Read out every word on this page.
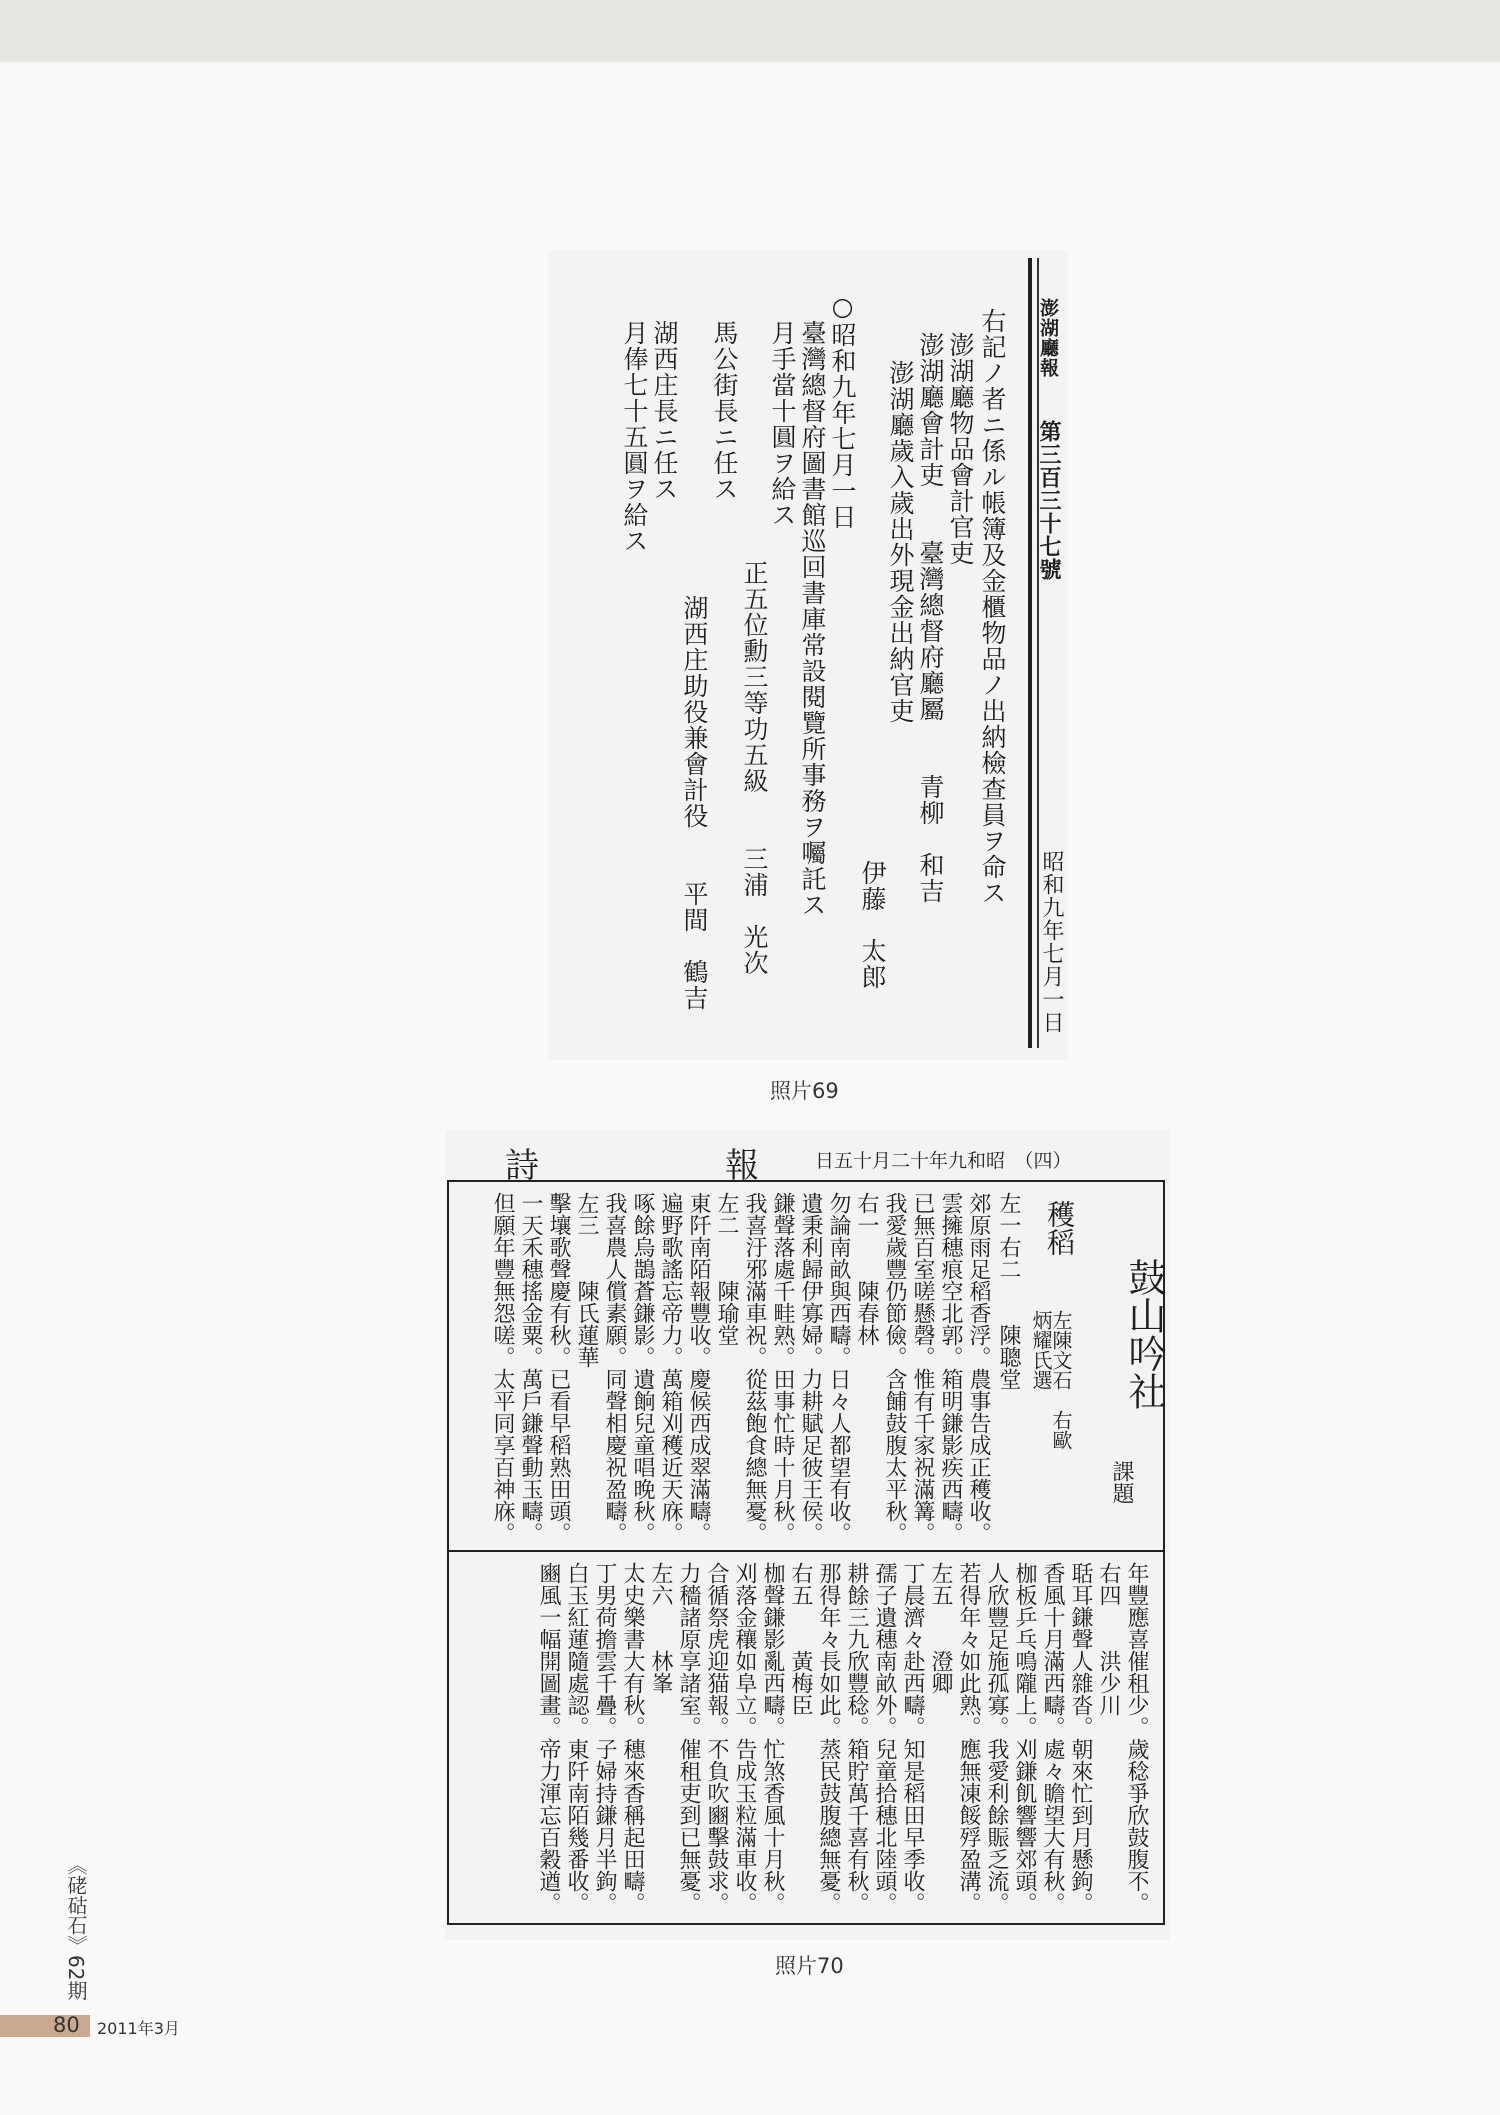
澎湖廳報
第三百三十七號
昭和九年七月一日
右記ノ者ニ係ル帳簿及金櫃物品ノ出納檢查員ヲ命ス
澎湖廳物品會計官吏
澎湖廳會計吏　　臺灣總督府廳屬　　青柳　和吉
澎湖廳歲入歲出外現金出納官吏
伊藤　太郎
○昭和九年七月一日
臺灣總督府圖書館巡回書庫常設閱覽所事務ヲ囑託ス
月手當十圓ヲ給ス
正五位勳三等功五級　　三浦　光次
馬公街長ニ任ス
湖西庄助役兼會計役　　平間　鶴吉
湖西庄長ニ任ス
月俸七十五圓ヲ給ス
照片69
詩　　　　報 日五十月二十年九和昭　（四）
鼓山吟社
課題
穫稻
左陳文石　右歐炳耀氏選
左一右二　　陳聰堂
郊原雨足稻香浮。農事告成正穫收。
雲擁穗痕空北郭。箱明鎌影疾西疇。
已無百室嗟懸磬。惟有千家祝滿篝。
我愛歲豐仍節儉。含餔鼓腹太平秋。
右一　　陳春林
勿論南畝與西疇。日々人都望有收。
遺秉利歸伊寡婦。力耕賦足彼王侯。
鎌聲落處千畦熟。田事忙時十月秋。
我喜汙邪滿車祝。從茲飽食總無憂。
左二　　陳瑜堂
東阡南陌報豐收。慶候西成翠滿疇。
遍野歌謠忘帝力。萬箱刈穫近天庥。
啄餘烏鵲蒼鎌影。遺餉兒童唱晚秋。
我喜農人償素願。同聲相慶祝盈疇。
左三　　陳氏蓮華
擊壤歌聲慶有秋。已看早稻熟田頭。
一天禾穗搖金粟。萬戶鎌聲動玉疇。
但願年豐無怨嗟。太平同享百神庥。
右四　　洪少川 年豐應喜催租少。歲稔爭欣鼓腹不。
聒耳鎌聲人雜沓。朝來忙到月懸鉤。
香風十月滿西疇。處々瞻望大有秋。
枷板乒乓鳴隴上。刈鎌飢響響郊頭。
人欣豐足施孤寡。我愛利餘賑乏流。
若得年々如此熟。應無凍餒殍盈溝。
左五　　澄卿
丁晨濟々赴西疇。知是稻田早季收。
孺子遺穗南畝外。兒童拾穗北陸頭。
耕餘三九欣豐稔。箱貯萬千喜有秋。
那得年々長如此。蒸民鼓腹總無憂。
右五　　黃梅臣
枷聲鎌影亂西疇。忙煞香風十月秋。
刈落金穰如阜立。告成玉粒滿車收。
合循祭虎迎猫報。不負吹豳擊鼓求。
力穡諸原享諸室。催租吏到已無憂。
左六　　林峯
太史樂書大有秋。穗來香稱起田疇。
丁男荷擔雲千疊。子婦持鎌月半鉤。
白玉紅蓮隨處認。東阡南陌幾番收。
豳風一幅開圖畫。帝力渾忘百穀遒。
照片70
《硓𥑮石》62期
80 2011年3月
